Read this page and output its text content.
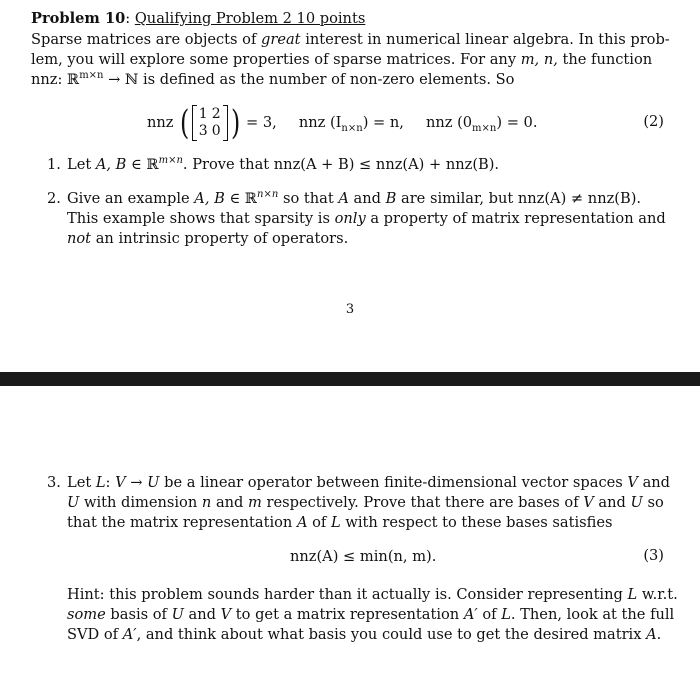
Problem 10: Qualifying Problem 2 10 points
Sparse matrices are objects of great interest in numerical linear algebra. In this prob-
lem, you will explore some properties of sparse matrices. For any m, n, the function
nnz: ℝ$^{m\times n}$ → ℕ is defined as the number of non-zero elements. So
nnz ( 1 2
3 0 ) = 3, nnz $(I_{n\times n}) = n$, nnz $(0_{m\times n}) = 0$.	(2)
1. Let A, B ∈ ℝ$^{m\times n}$. Prove that nnz(A + B) ≤ nnz(A) + nnz(B).
2. Give an example A, B ∈ ℝ$^{n\times n}$ so that A and B are similar, but nnz(A) ≠ nnz(B).
This example shows that sparsity is only a property of matrix representation and
not an intrinsic property of operators.
3
3. Let L: V → U be a linear operator between finite-dimensional vector spaces V and
U with dimension n and m respectively. Prove that there are bases of V and U so
that the matrix representation A of L with respect to these bases satisfies
nnz(A) ≤ min(n, m).	(3)
Hint: this problem sounds harder than it actually is. Consider representing L w.r.t.
some basis of U and V to get a matrix representation A′ of L. Then, look at the full
SVD of A′, and think about what basis you could use to get the desired matrix A.
